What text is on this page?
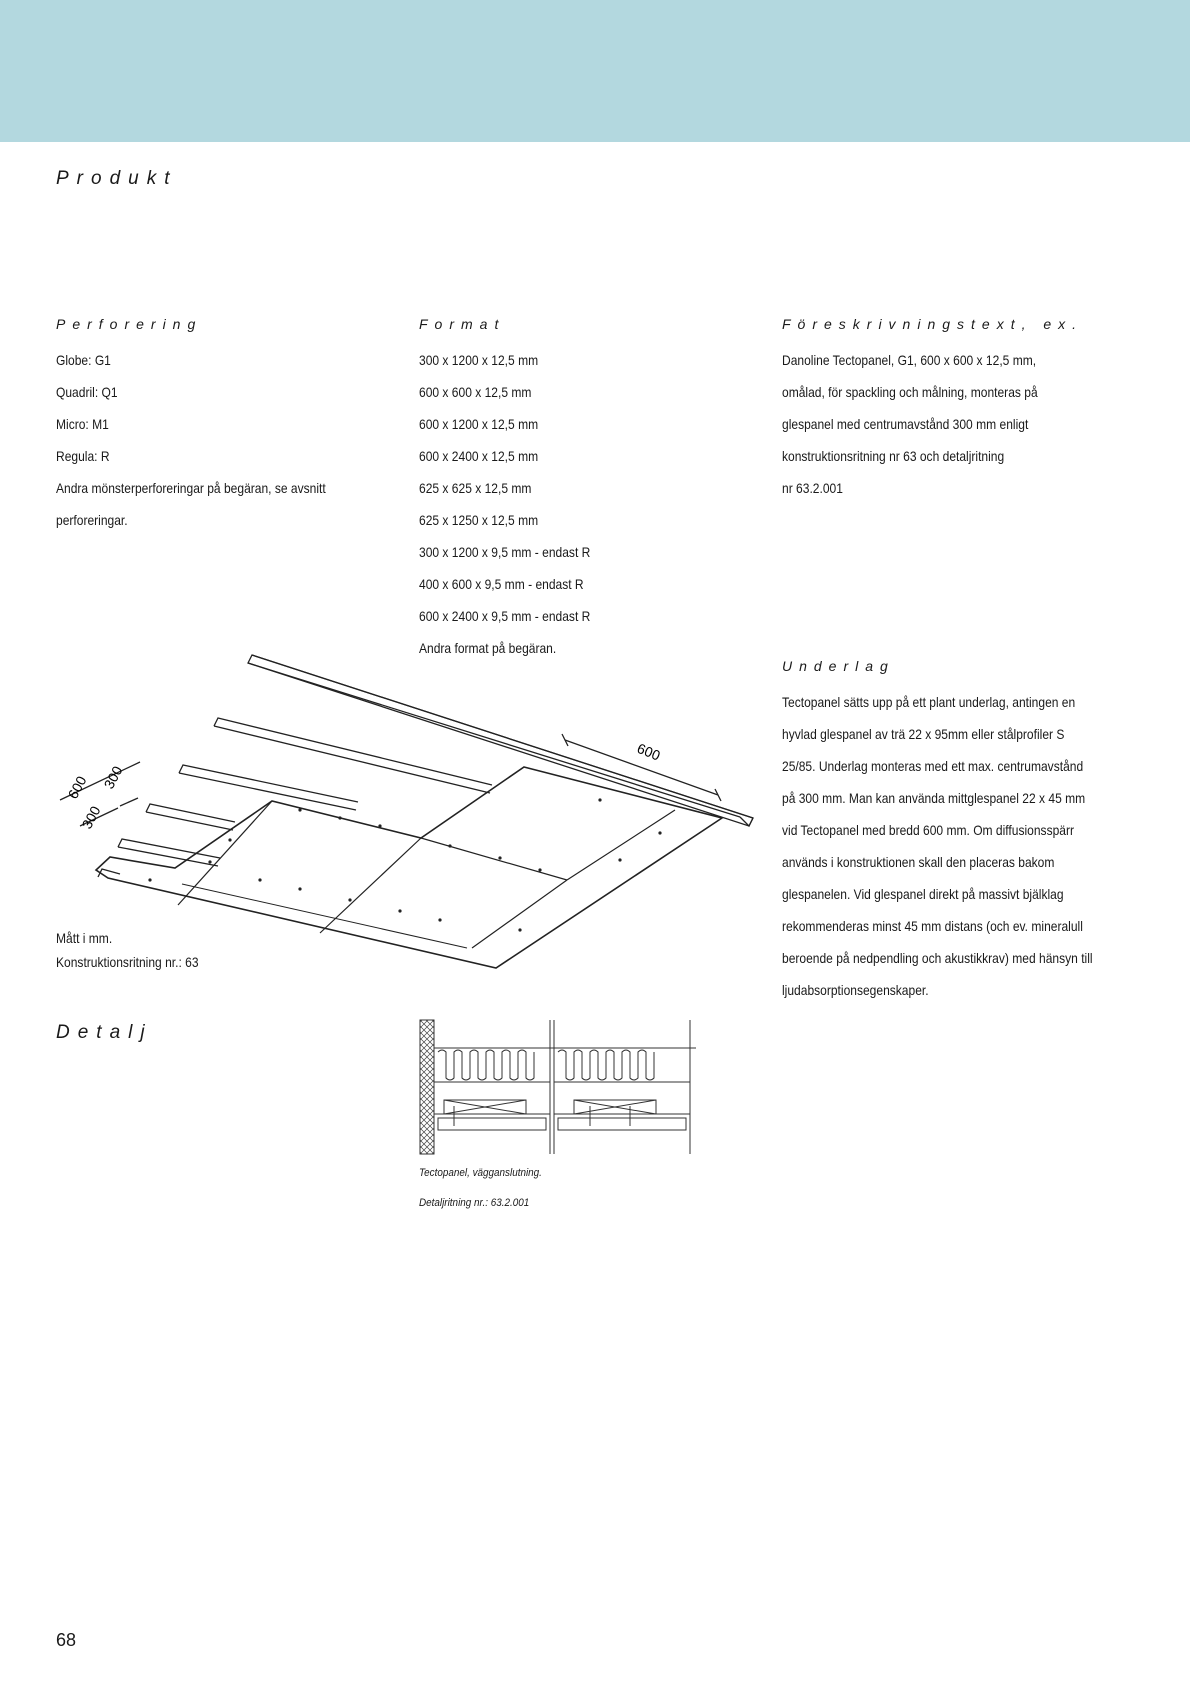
Produkt
Perforering
Globe: G1
Quadril: Q1
Micro: M1
Regula: R
Andra mönsterperforeringar på begäran, se avsnitt
perforeringar.
Format
300 x 1200 x 12,5 mm
600 x 600 x 12,5 mm
600 x 1200 x 12,5 mm
600 x 2400 x 12,5 mm
625 x 625 x 12,5 mm
625 x 1250 x 12,5 mm
300 x 1200 x 9,5 mm - endast R
400 x 600 x 9,5 mm - endast R
600 x 2400 x 9,5 mm - endast R
Andra format på begäran.
Föreskrivningstext, ex.
Danoline Tectopanel, G1, 600 x 600 x 12,5 mm,
omålad, för spackling och målning, monteras på
glespanel med centrumavstånd 300 mm enligt
konstruktionsritning nr 63 och detaljritning
nr 63.2.001
Underlag
Tectopanel sätts upp på ett plant underlag, antingen en
hyvlad glespanel av trä 22 x 95mm eller stålprofiler S
25/85. Underlag monteras med ett max. centrumavstånd
på 300 mm. Man kan använda mittglespanel 22 x 45 mm
vid Tectopanel med bredd 600 mm. Om diffusionsspärr
används i konstruktionen skall den placeras bakom
glespanelen. Vid glespanel direkt på massivt bjälklag
rekommenderas minst 45 mm distans (och ev. mineralull
beroende på nedpendling och akustikkrav) med hänsyn till
ljudabsorptionsegenskaper.
600
300
300
600
Mått i mm.
Konstruktionsritning nr.: 63
Detalj
Tectopanel, vägganslutning.
Detaljritning nr.: 63.2.001
68
